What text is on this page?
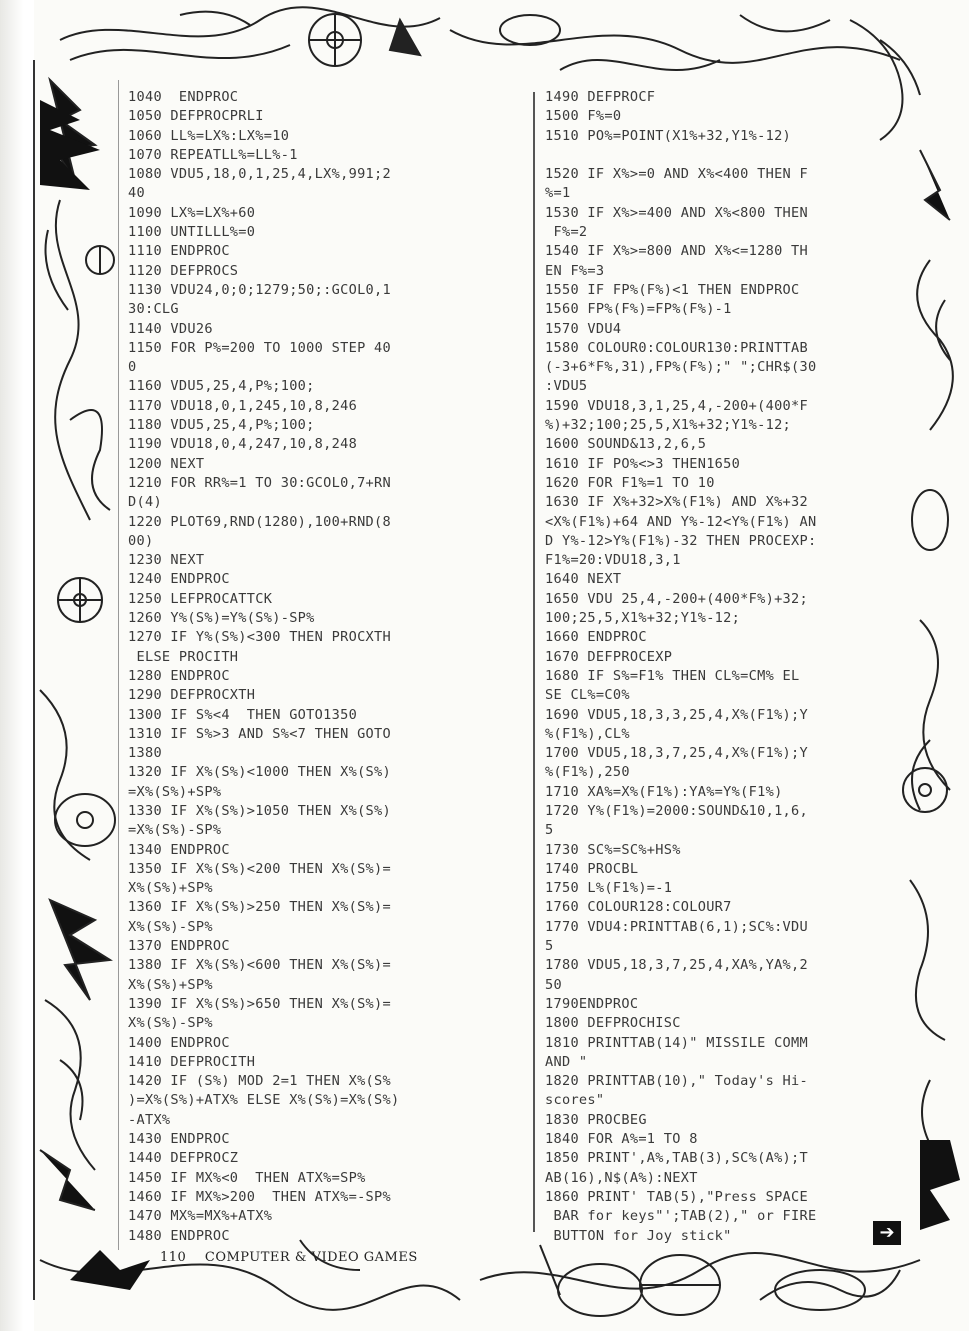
1040  ENDPROC
1050 DEFPROCPRLI
1060 LL%=LX%:LX%=10
1070 REPEATLL%=LL%-1
1080 VDU5,18,0,1,25,4,LX%,991;2
40
1090 LX%=LX%+60
1100 UNTILLL%=0
1110 ENDPROC
1120 DEFPROCS
1130 VDU24,0;0;1279;50;:GCOL0,1
30:CLG
1140 VDU26
1150 FOR P%=200 TO 1000 STEP 40
0
1160 VDU5,25,4,P%;100;
1170 VDU18,0,1,245,10,8,246
1180 VDU5,25,4,P%;100;
1190 VDU18,0,4,247,10,8,248
1200 NEXT
1210 FOR RR%=1 TO 30:GCOL0,7+RN
D(4)
1220 PLOT69,RND(1280),100+RND(8
00)
1230 NEXT
1240 ENDPROC
1250 LEFPROCATTCK
1260 Y%(S%)=Y%(S%)-SP%
1270 IF Y%(S%)<300 THEN PROCXTH
ELSE PROCITH
1280 ENDPROC
1290 DEFPROCXTH
1300 IF S%<4  THEN GOTO1350
1310 IF S%>3 AND S%<7 THEN GOTO
1380
1320 IF X%(S%)<1000 THEN X%(S%)
=X%(S%)+SP%
1330 IF X%(S%)>1050 THEN X%(S%)
=X%(S%)-SP%
1340 ENDPROC
1350 IF X%(S%)<200 THEN X%(S%)=
X%(S%)+SP%
1360 IF X%(S%)>250 THEN X%(S%)=
X%(S%)-SP%
1370 ENDPROC
1380 IF X%(S%)<600 THEN X%(S%)=
X%(S%)+SP%
1390 IF X%(S%)>650 THEN X%(S%)=
X%(S%)-SP%
1400 ENDPROC
1410 DEFPROCITH
1420 IF (S%) MOD 2=1 THEN X%(S%
)=X%(S%)+ATX% ELSE X%(S%)=X%(S%)
-ATX%
1430 ENDPROC
1440 DEFPROCZ
1450 IF MX%<0  THEN ATX%=SP%
1460 IF MX%>200  THEN ATX%=-SP%
1470 MX%=MX%+ATX%
1480 ENDPROC
1490 DEFPROCF
1500 F%=0
1510 PO%=POINT(X1%+32,Y1%-12)

1520 IF X%>=0 AND X%<400 THEN F
%=1
1530 IF X%>=400 AND X%<800 THEN
F%=2
1540 IF X%>=800 AND X%<=1280 TH
EN F%=3
1550 IF FP%(F%)<1 THEN ENDPROC
1560 FP%(F%)=FP%(F%)-1
1570 VDU4
1580 COLOUR0:COLOUR130:PRINTTAB
(-3+6*F%,31),FP%(F%);" ";CHR$(30
:VDU5
1590 VDU18,3,1,25,4,-200+(400*F
%)+32;100;25,5,X1%+32;Y1%-12;
1600 SOUND&13,2,6,5
1610 IF PO%<>3 THEN1650
1620 FOR F1%=1 TO 10
1630 IF X%+32>X%(F1%) AND X%+32
<X%(F1%)+64 AND Y%-12<Y%(F1%) AN
D Y%-12>Y%(F1%)-32 THEN PROCEXP:
F1%=20:VDU18,3,1
1640 NEXT
1650 VDU 25,4,-200+(400*F%)+32;
100;25,5,X1%+32;Y1%-12;
1660 ENDPROC
1670 DEFPROCEXP
1680 IF S%=F1% THEN CL%=CM% EL
SE CL%=C0%
1690 VDU5,18,3,3,25,4,X%(F1%);Y
%(F1%),CL%
1700 VDU5,18,3,7,25,4,X%(F1%);Y
%(F1%),250
1710 XA%=X%(F1%):YA%=Y%(F1%)
1720 Y%(F1%)=2000:SOUND&10,1,6,
5
1730 SC%=SC%+HS%
1740 PROCBL
1750 L%(F1%)=-1
1760 COLOUR128:COLOUR7
1770 VDU4:PRINTTAB(6,1);SC%:VDU
5
1780 VDU5,18,3,7,25,4,XA%,YA%,2
50
1790ENDPROC
1800 DEFPROCHISC
1810 PRINTTAB(14)" MISSILE COMM
AND "
1820 PRINTTAB(10)," Today's Hi-
scores"
1830 PROCBEG
1840 FOR A%=1 TO 8
1850 PRINT',A%,TAB(3),SC%(A%);T
AB(16),N$(A%):NEXT
1860 PRINT' TAB(5),"Press SPACE
BAR for keys"';TAB(2)," or FIRE
BUTTON for Joy stick"
110 COMPUTER & VIDEO GAMES
➔
